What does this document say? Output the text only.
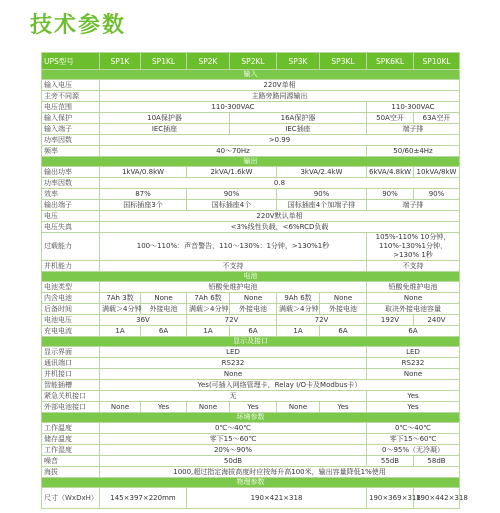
技术参数
UPS型号	SP1K	SP1KL	SP2K	SP2KL	SP3K	SP3KL	SPK6KL	SP10KL
输入								
输入电压	220V单相							
主旁不同源	主路旁路同源输出							
电压范围	110-300VAC						110-300VAC	
输入保护	10A保护器			16A保护器			50A空开	63A空开
输入端子	IEC插座			IEC插座			端子排	
功率因数	>0.99							
频率	40～70Hz						50/60±4Hz	
输出								
输出功率	1kVA/0.8kW		2kVA/1.6kW		3kVA/2.4kW		6kVA/4.8kW	10kVA/8kW
功率因数	0.8							
效率	87%		90%		90%		90%	90%
输出端子	国标插座3个		国标插座4个		国标插座4个加端子排		端子排	
电压	220V默认单相							
电压失真	<3%线性负载，<6%RCD负载							
过载能力	100～110%：声音警告，110～130%：1分钟，>130%1秒						105%-110% 10分钟，110%-130%1分钟，>130% 1秒	
并机能力	不支持						不支持	
电池								
电池类型	铅酸免维护电池						铅酸免维护电池	
内含电池	7Ah 3数	None	7Ah 6数	None	9Ah 6数	None	None	
后备时间	满载＞4分钟	外接电池	满载＞4分钟	外接电池	满载＞4分钟	外接电池	取决外接电池容量	
电池电压	36V		72V		72V		192V	240V
充电电流	1A	6A	1A	6A	1A	6A	6A	
显示及接口								
显示界面	LED						LED	
通讯端口	RS232						RS232	
并机接口	None						None	
智能插槽	Yes(可插入网络管理卡，Relay I/O卡及Modbus卡）							
紧急关机接口	无						Yes	
外部电池接口	None	Yes	None	Yes	None	Yes	Yes	
环境参数								
工作温度	0℃～40℃						0℃～40℃	
储存温度	零下15～60℃						零下15～60℃	
工作湿度	20%～90%						0～95%（无冷凝）	
噪音	50dB						55dB	58dB
海拔	1000,超过指定海拔高度时应按每升高100米，输出容量降低1%使用							
物理参数								
尺寸（WxDxH）	145×397×220mm		190×421×318				190×369×318	190×442×318
